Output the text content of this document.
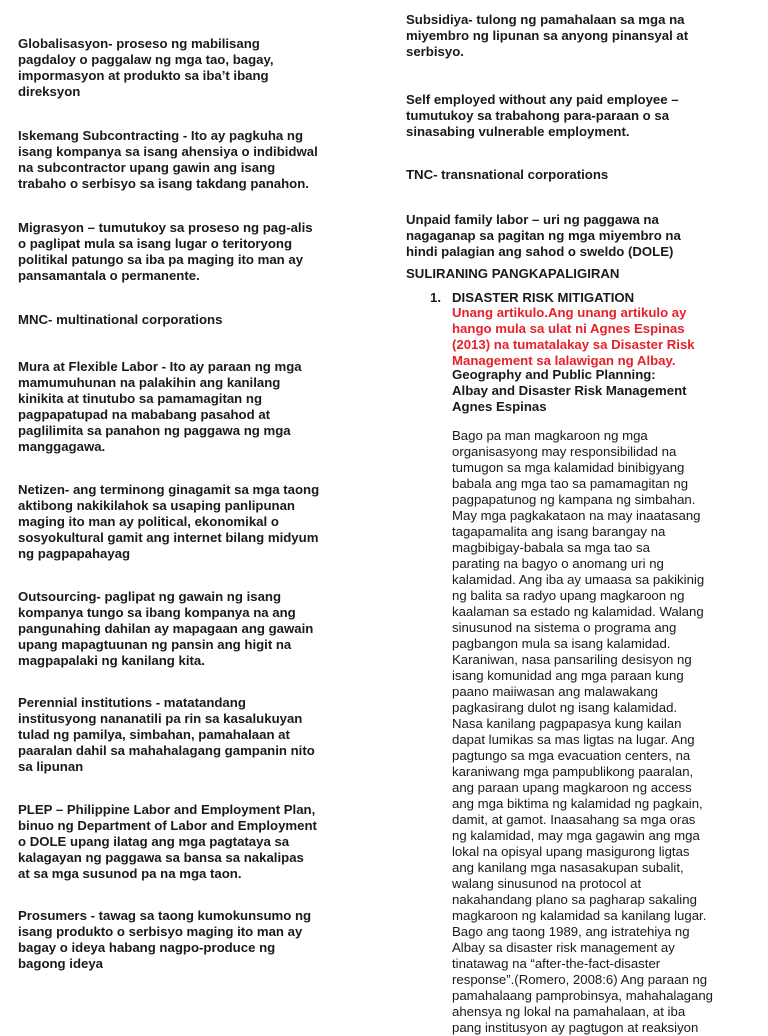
Globalisasyon- proseso ng mabilisang
pagdaloy o paggalaw ng mga tao, bagay,
impormasyon at produkto sa iba’t ibang
direksyon

Iskemang Subcontracting - Ito ay pagkuha ng
isang kompanya sa isang ahensiya o indibidwal
na subcontractor upang gawin ang isang
trabaho o serbisyo sa isang takdang panahon.

Migrasyon – tumutukoy sa proseso ng pag-alis
o paglipat mula sa isang lugar o teritoryong
politikal patungo sa iba pa maging ito man ay
pansamantala o permanente.

MNC- multinational corporations

Mura at Flexible Labor - Ito ay paraan ng mga
mamumuhunan na palakihin ang kanilang
kinikita at tinutubo sa pamamagitan ng
pagpapatupad na mababang pasahod at
paglilimita sa panahon ng paggawa ng mga
manggagawa.

Netizen- ang terminong ginagamit sa mga taong
aktibong nakikilahok sa usaping panlipunan
maging ito man ay political, ekonomikal o
sosyokultural gamit ang internet bilang midyum
ng pagpapahayag

Outsourcing- paglipat ng gawain ng isang
kompanya tungo sa ibang kompanya na ang
pangunahing dahilan ay mapagaan ang gawain
upang mapagtuunan ng pansin ang higit na
magpapalaki ng kanilang kita.

Perennial institutions - matatandang
institusyong nananatili pa rin sa kasalukuyan
tulad ng pamilya, simbahan, pamahalaan at
paaralan dahil sa mahahalagang gampanin nito
sa lipunan

PLEP – Philippine Labor and Employment Plan,
binuo ng Department of Labor and Employment
o DOLE upang ilatag ang mga pagtataya sa
kalagayan ng paggawa sa bansa sa nakalipas
at sa mga susunod pa na mga taon.

Prosumers - tawag sa taong kumokunsumo ng
isang produkto o serbisyo maging ito man ay
bagay o ideya habang nagpo-produce ng
bagong ideya

Subsidiya- tulong ng pamahalaan sa mga na
miyembro ng lipunan sa anyong pinansyal at
serbisyo.

Self employed without any paid employee –
tumutukoy sa trabahong para-paraan o sa
sinasabing vulnerable employment.

TNC- transnational corporations

Unpaid family labor – uri ng paggawa na
nagaganap sa pagitan ng mga miyembro na
hindi palagian ang sahod o sweldo (DOLE)

SULIRANING PANGKAPALIGIRAN

1. DISASTER RISK MITIGATION

Unang artikulo.Ang unang artikulo ay
hango mula sa ulat ni Agnes Espinas
(2013) na tumatalakay sa Disaster Risk
Management sa lalawigan ng Albay.

Geography and Public Planning:
Albay and Disaster Risk Management
Agnes Espinas

Bago pa man magkaroon ng mga
organisasyong may responsibilidad na
tumugon sa mga kalamidad binibigyang
babala ang mga tao sa pamamagitan ng
pagpapatunog ng kampana ng simbahan.
May mga pagkakataon na may inaatasang
tagapamalita ang isang barangay na
magbibigay-babala sa mga tao sa
parating na bagyo o anomang uri ng
kalamidad. Ang iba ay umaasa sa pakikinig
ng balita sa radyo upang magkaroon ng
kaalaman sa estado ng kalamidad. Walang
sinusunod na sistema o programa ang
pagbangon mula sa isang kalamidad.
Karaniwan, nasa pansariling desisyon ng
isang komunidad ang mga paraan kung
paano maiiwasan ang malawakang
pagkasirang dulot ng isang kalamidad.
Nasa kanilang pagpapasya kung kailan
dapat lumikas sa mas ligtas na lugar. Ang
pagtungo sa mga evacuation centers, na
karaniwang mga pampublikong paaralan,
ang paraan upang magkaroon ng access
ang mga biktima ng kalamidad ng pagkain,
damit, at gamot. Inaasahang sa mga oras
ng kalamidad, may mga gagawin ang mga
lokal na opisyal upang masigurong ligtas
ang kanilang mga nasasakupan subalit,
walang sinusunod na protocol at
nakahandang plano sa pagharap sakaling
magkaroon ng kalamidad sa kanilang lugar.
Bago ang taong 1989, ang istratehiya ng
Albay sa disaster risk management ay
tinatawag na “after-the-fact-disaster
response”.(Romero, 2008:6) Ang paraan ng
pamahalaang pamprobinsya, mahahalagang
ahensya ng lokal na pamahalaan, at iba
pang institusyon ay pagtugon at reaksiyon
